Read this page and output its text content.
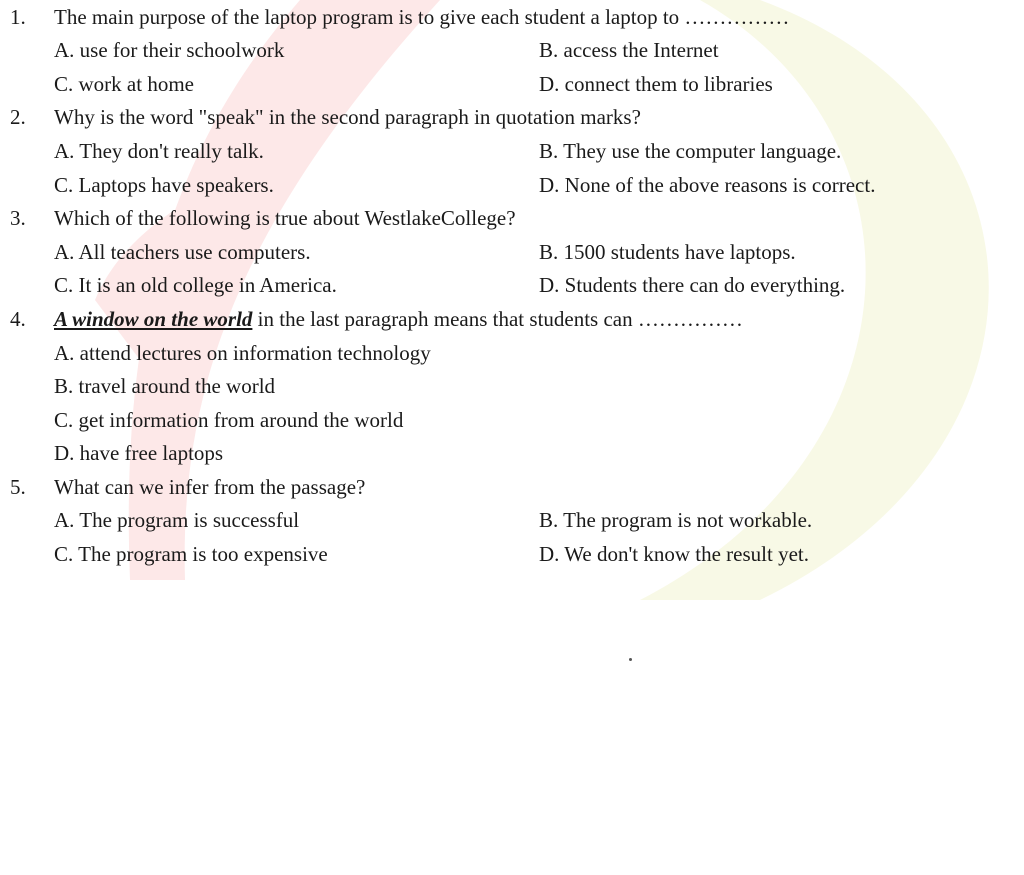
1. The main purpose of the laptop program is to give each student a laptop to ……………
A. use for their schoolwork	B. access the Internet
C. work at home	D. connect them to libraries
2. Why is the word "speak" in the second paragraph in quotation marks?
A. They don't really talk.	B. They use the computer language.
C. Laptops have speakers.	D. None of the above reasons is correct.
3. Which of the following is true about WestlakeCollege?
A. All teachers use computers.	B. 1500 students have laptops.
C. It is an old college in America.	D. Students there can do everything.
4. A window on the world in the last paragraph means that students can ……………
A. attend lectures on information technology
B. travel around the world
C. get information from around the world
D. have free laptops
5. What can we infer from the passage?
A. The program is successful	B. The program is not workable.
C. The program is too expensive	D. We don't know the result yet.
